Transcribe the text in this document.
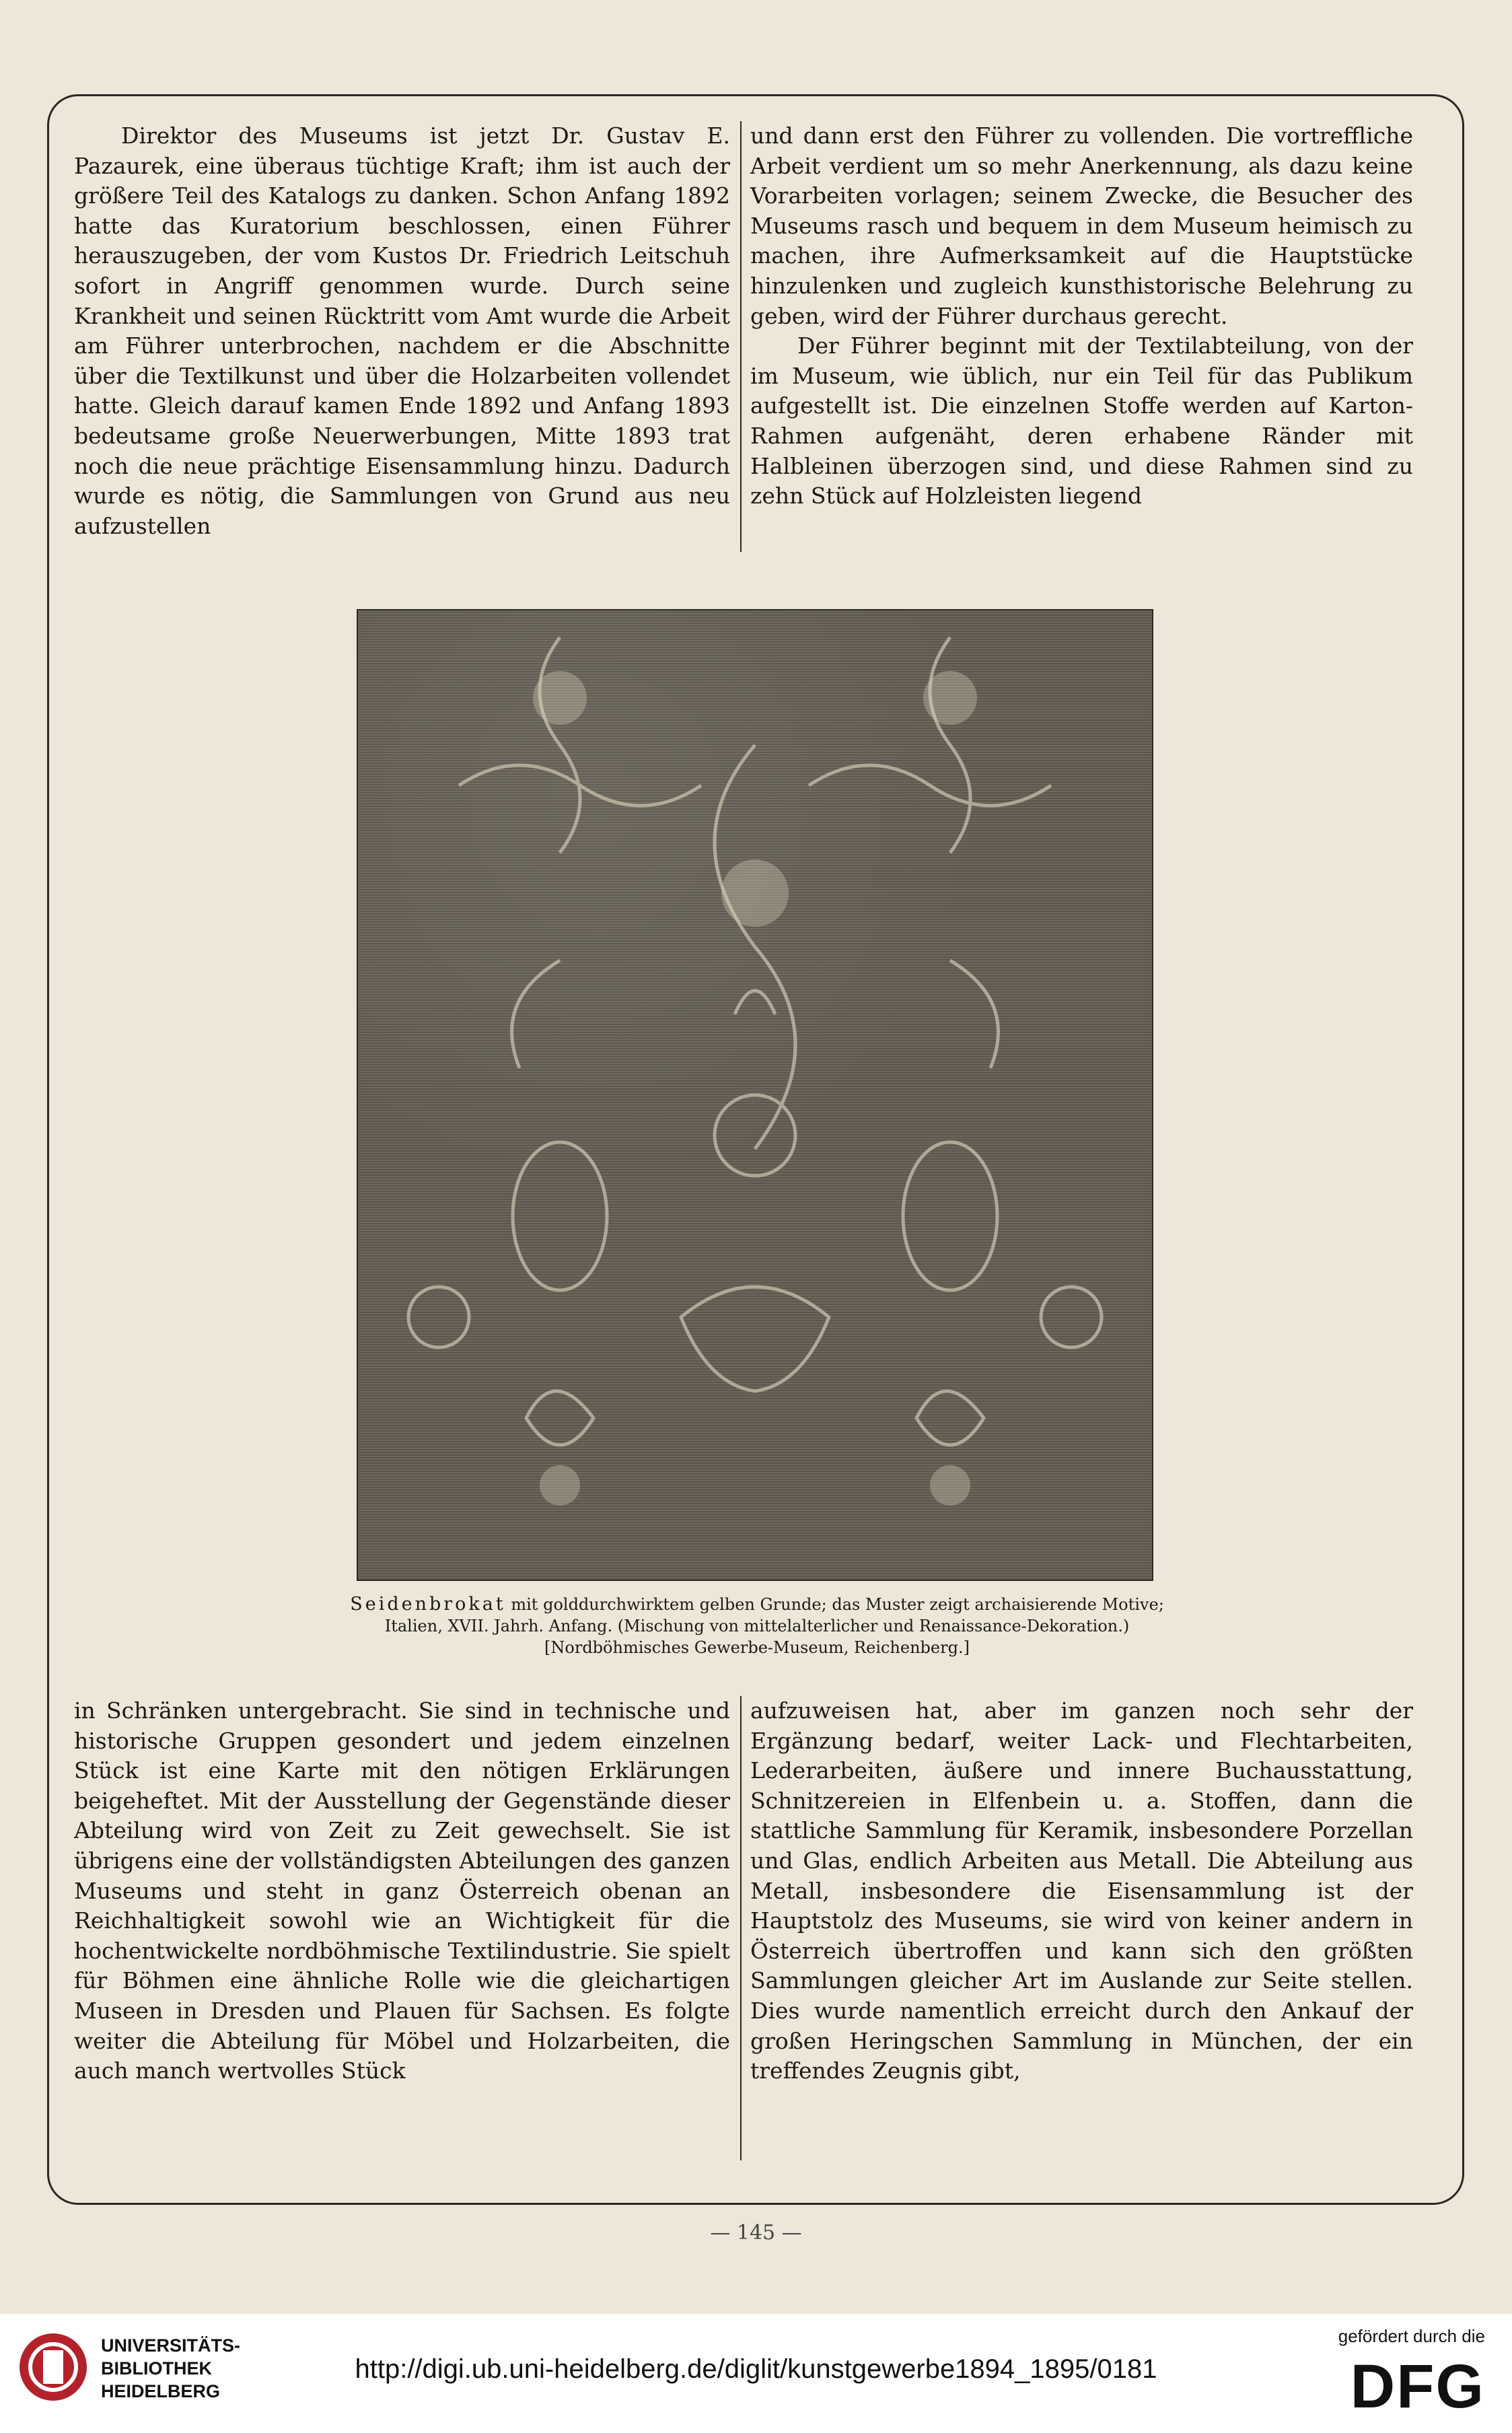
Direktor des Museums ist jetzt Dr. Gustav E. Pazaurek, eine überaus tüchtige Kraft; ihm ist auch der größere Teil des Katalogs zu danken. Schon Anfang 1892 hatte das Kuratorium beschlossen, einen Führer herauszugeben, der vom Kustos Dr. Friedrich Leitschuh sofort in Angriff genommen wurde. Durch seine Krankheit und seinen Rücktritt vom Amt wurde die Arbeit am Führer unterbrochen, nachdem er die Abschnitte über die Textilkunst und über die Holzarbeiten vollendet hatte. Gleich darauf kamen Ende 1892 und Anfang 1893 bedeutsame große Neuerwerbungen, Mitte 1893 trat noch die neue prächtige Eisensammlung hinzu. Dadurch wurde es nötig, die Sammlungen von Grund aus neu aufzustellen

und dann erst den Führer zu vollenden. Die vortreffliche Arbeit verdient um so mehr Anerkennung, als dazu keine Vorarbeiten vorlagen; seinem Zwecke, die Besucher des Museums rasch und bequem in dem Museum heimisch zu machen, ihre Aufmerksamkeit auf die Hauptstücke hinzulenken und zugleich kunsthistorische Belehrung zu geben, wird der Führer durchaus gerecht.

Der Führer beginnt mit der Textilabteilung, von der im Museum, wie üblich, nur ein Teil für das Publikum aufgestellt ist. Die einzelnen Stoffe werden auf Karton-Rahmen aufgenäht, deren erhabene Ränder mit Halbleinen überzogen sind, und diese Rahmen sind zu zehn Stück auf Holzleisten liegend

Seidenbrokat mit golddurchwirktem gelben Grunde; das Muster zeigt archaisierende Motive;
Italien, XVII. Jahrh. Anfang. (Mischung von mittelalterlicher und Renaissance-Dekoration.)
[Nordböhmisches Gewerbe-Museum, Reichenberg.]

in Schränken untergebracht. Sie sind in technische und historische Gruppen gesondert und jedem einzelnen Stück ist eine Karte mit den nötigen Erklärungen beigeheftet. Mit der Ausstellung der Gegenstände dieser Abteilung wird von Zeit zu Zeit gewechselt. Sie ist übrigens eine der vollständigsten Abteilungen des ganzen Museums und steht in ganz Österreich obenan an Reichhaltigkeit sowohl wie an Wichtigkeit für die hochentwickelte nordböhmische Textilindustrie. Sie spielt für Böhmen eine ähnliche Rolle wie die gleichartigen Museen in Dresden und Plauen für Sachsen. Es folgte weiter die Abteilung für Möbel und Holzarbeiten, die auch manch wertvolles Stück

aufzuweisen hat, aber im ganzen noch sehr der Ergänzung bedarf, weiter Lack- und Flechtarbeiten, Lederarbeiten, äußere und innere Buchausstattung, Schnitzereien in Elfenbein u. a. Stoffen, dann die stattliche Sammlung für Keramik, insbesondere Porzellan und Glas, endlich Arbeiten aus Metall. Die Abteilung aus Metall, insbesondere die Eisensammlung ist der Hauptstolz des Museums, sie wird von keiner andern in Österreich übertroffen und kann sich den größten Sammlungen gleicher Art im Auslande zur Seite stellen. Dies wurde namentlich erreicht durch den Ankauf der großen Heringschen Sammlung in München, der ein treffendes Zeugnis gibt,

— 145 —
UNIVERSITÄTS-
BIBLIOTHEK
HEIDELBERG
http://digi.ub.uni-heidelberg.de/diglit/kunstgewerbe1894_1895/0181
gefördert durch die
DFG
